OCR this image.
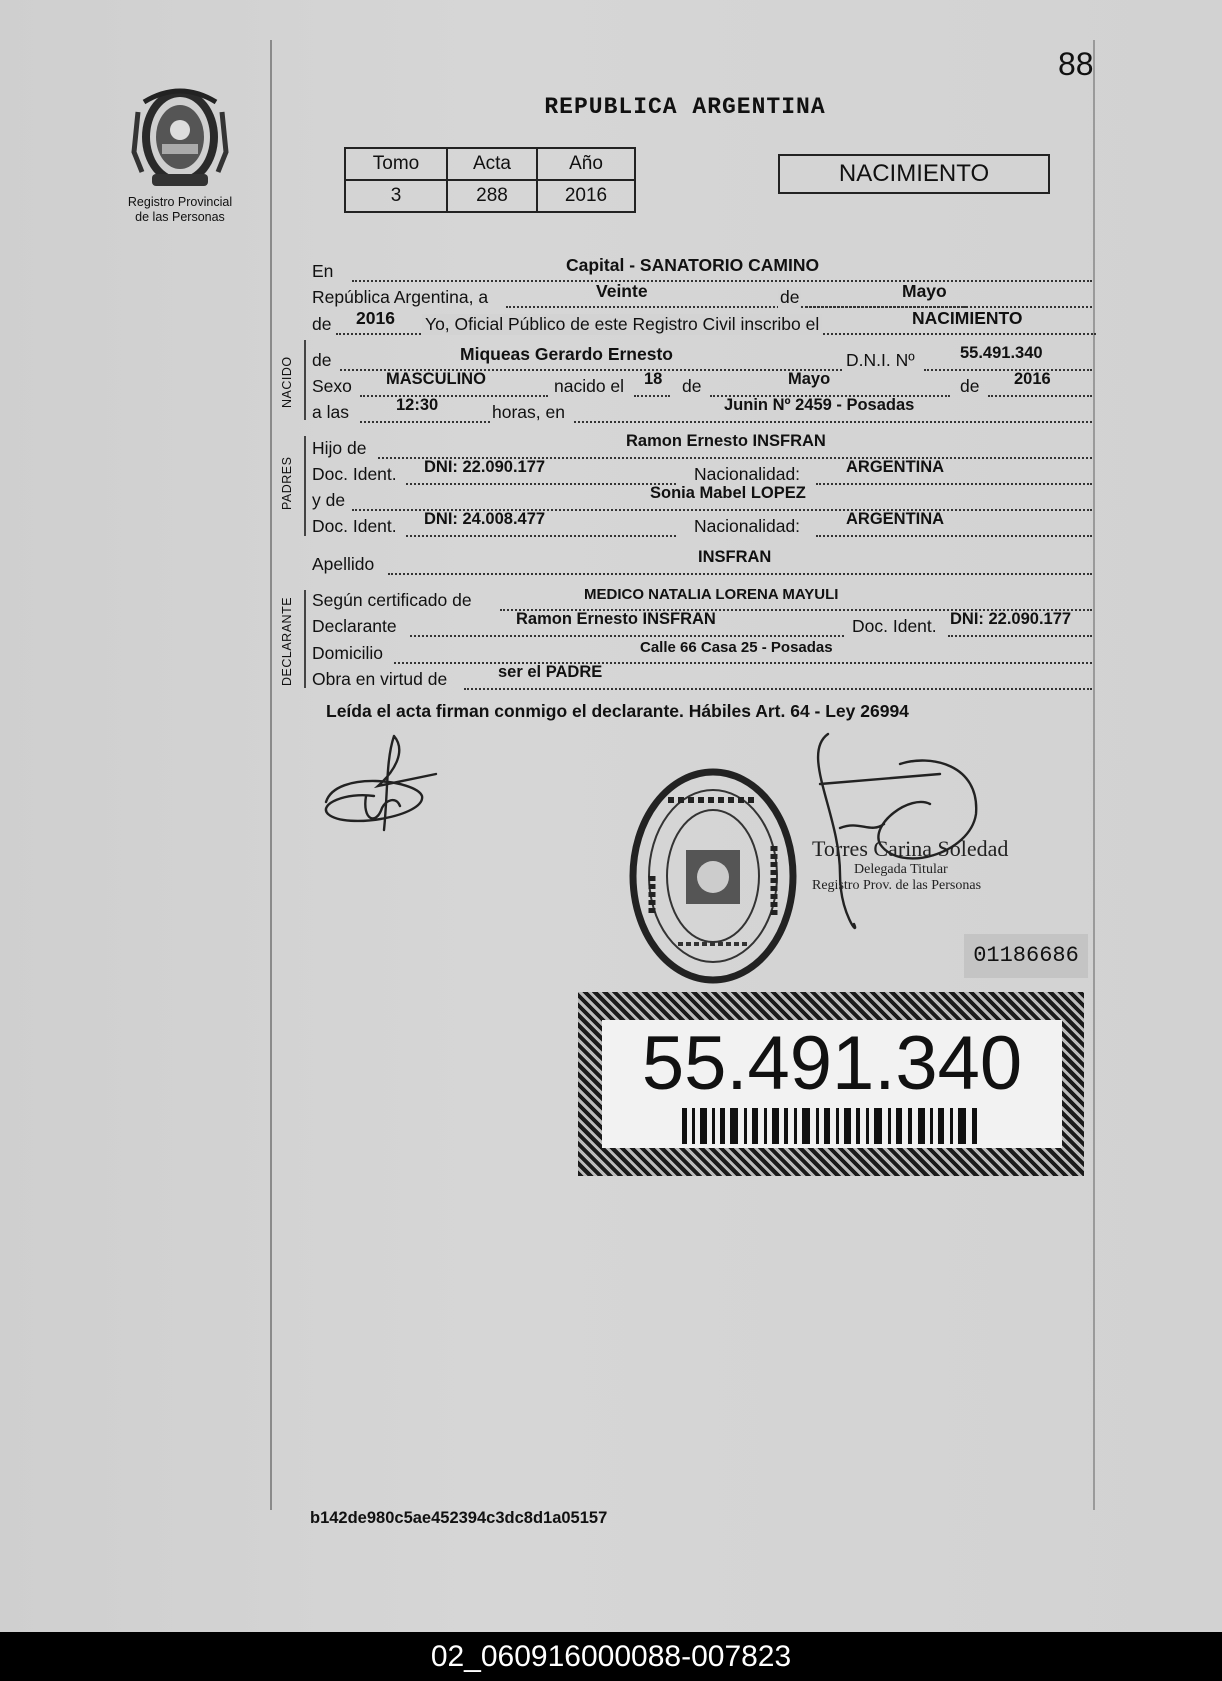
88
Registro Provincial
de las Personas
REPUBLICA ARGENTINA
Tomo	Acta	Año
3	288	2016
NACIMIENTO
En	Capital - SANATORIO CAMINO
República Argentina, a	Veinte	de	Mayo
de 2016 Yo, Oficial Público de este Registro Civil inscribo el	NACIMIENTO
NACIDO de	Miqueas Gerardo Ernesto	D.N.I. Nº	55.491.340
Sexo MASCULINO	nacido el 18 de	Mayo	de 2016
a las	12:30	horas, en	Junin Nº 2459 - Posadas
PADRES
Hijo de	Ramon Ernesto INSFRAN
Doc. Ident. DNI: 22.090.177	Nacionalidad:	ARGENTINA
y de	Sonia Mabel LOPEZ
Doc. Ident. DNI: 24.008.477	Nacionalidad:	ARGENTINA
Apellido	INSFRAN
DECLARANTE Según certificado de	MEDICO NATALIA LORENA MAYULI
Declarante	Ramon Ernesto INSFRAN	Doc. Ident. DNI: 22.090.177
Domicilio	Calle 66 Casa 25 - Posadas
Obra en virtud de	ser el PADRE
Leída el acta firman conmigo el declarante. Hábiles Art. 64 - Ley 26994
Torres Carina Soledad
Delegada Titular
Registro Prov. de las Personas
01186686
55.491.340
b142de980c5ae452394c3dc8d1a05157
02_060916000088-007823
